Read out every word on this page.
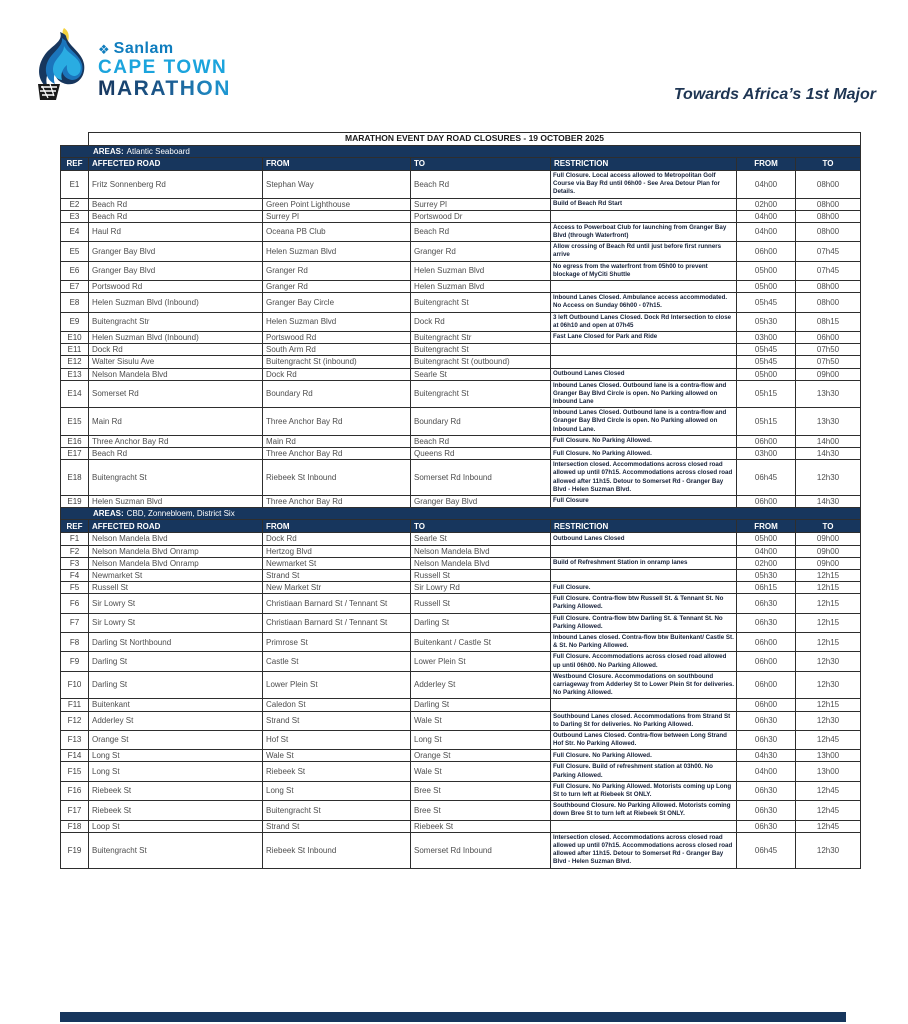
❖ Sanlam
CAPE TOWN
MARATHON	Towards Africa’s 1st Major
	MARATHON EVENT DAY ROAD CLOSURES - 19 OCTOBER 2025					
AREAS: Atlantic Seaboard						
REF	AFFECTED ROAD	FROM	TO	RESTRICTION	FROM	TO
E1	Fritz Sonnenberg Rd	Stephan Way	Beach Rd	Full Closure. Local access allowed to Metropolitan Golf Course via Bay Rd until 06h00 - See Area Detour Plan for Details.	04h00	08h00
E2	Beach Rd	Green Point Lighthouse	Surrey Pl	Build of Beach Rd Start	02h00	08h00
E3	Beach Rd	Surrey Pl	Portswood Dr		04h00	08h00
E4	Haul Rd	Oceana PB Club	Beach Rd	Access to Powerboat Club for launching from Granger Bay Blvd (through Waterfront)	04h00	08h00
E5	Granger Bay Blvd	Helen Suzman Blvd	Granger Rd	Allow crossing of Beach Rd until just before first runners arrive	06h00	07h45
E6	Granger Bay Blvd	Granger Rd	Helen Suzman Blvd	No egress from the waterfront from 05h00 to prevent blockage of MyCiti Shuttle	05h00	07h45
E7	Portswood Rd	Granger Rd	Helen Suzman Blvd		05h00	08h00
E8	Helen Suzman Blvd (Inbound)	Granger Bay Circle	Buitengracht St	Inbound Lanes Closed. Ambulance access accommodated. No Access on Sunday 06h00 - 07h15.	05h45	08h00
E9	Buitengracht Str	Helen Suzman Blvd	Dock Rd	3 left Outbound Lanes Closed. Dock Rd Intersection to close at 06h10 and open at 07h45	05h30	08h15
E10	Helen Suzman Blvd (Inbound)	Portswood Rd	Buitengracht Str	Fast Lane Closed for Park and Ride	03h00	06h00
E11	Dock Rd	South Arm Rd	Buitengracht St		05h45	07h50
E12	Walter Sisulu Ave	Buitengracht St (inbound)	Buitengracht St (outbound)		05h45	07h50
E13	Nelson Mandela Blvd	Dock Rd	Searle St	Outbound Lanes Closed	05h00	09h00
E14	Somerset Rd	Boundary Rd	Buitengracht St	Inbound Lanes Closed. Outbound lane is a contra-flow and Granger Bay Blvd Circle is open. No Parking allowed on Inbound Lane	05h15	13h30
E15	Main Rd	Three Anchor Bay Rd	Boundary Rd	Inbound Lanes Closed. Outbound lane is a contra-flow and Granger Bay Blvd Circle is open. No Parking allowed on Inbound Lane.	05h15	13h30
E16	Three Anchor Bay Rd	Main Rd	Beach Rd	Full Closure. No Parking Allowed.	06h00	14h00
E17	Beach Rd	Three Anchor Bay Rd	Queens Rd	Full Closure. No Parking Allowed.	03h00	14h30
E18	Buitengracht St	Riebeek St Inbound	Somerset Rd Inbound	Intersection closed. Accommodations across closed road allowed up until 07h15. Accommodations across closed road allowed after 11h15. Detour to Somerset Rd - Granger Bay Blvd - Helen Suzman Blvd.	06h45	12h30
E19	Helen Suzman Blvd	Three Anchor Bay Rd	Granger Bay Blvd	Full Closure	06h00	14h30
AREAS: CBD, Zonnebloem, District Six						
REF	AFFECTED ROAD	FROM	TO	RESTRICTION	FROM	TO
F1	Nelson Mandela Blvd	Dock Rd	Searle St	Outbound Lanes Closed	05h00	09h00
F2	Nelson Mandela Blvd Onramp	Hertzog Blvd	Nelson Mandela Blvd		04h00	09h00
F3	Nelson Mandela Blvd Onramp	Newmarket St	Nelson Mandela Blvd	Build of Refreshment Station in onramp lanes	02h00	09h00
F4	Newmarket St	Strand St	Russell St		05h30	12h15
F5	Russell St	New Market Str	Sir Lowry Rd	Full Closure.	06h15	12h15
F6	Sir Lowry St	Christiaan Barnard St / Tennant St	Russell St	Full Closure. Contra-flow btw Russell St. & Tennant St. No Parking Allowed.	06h30	12h15
F7	Sir Lowry St	Christiaan Barnard St / Tennant St	Darling St	Full Closure. Contra-flow btw Darling St. & Tennant St. No Parking Allowed.	06h30	12h15
F8	Darling St Northbound	Primrose St	Buitenkant / Castle St	Inbound Lanes closed. Contra-flow btw Buitenkant/ Castle St. & St. No Parking Allowed.	06h00	12h15
F9	Darling St	Castle St	Lower Plein St	Full Closure. Accommodations across closed road allowed up until 06h00. No Parking Allowed.	06h00	12h30
F10	Darling St	Lower Plein St	Adderley St	Westbound Closure. Accommodations on southbound carriageway from Adderley St to Lower Plein St for deliveries. No Parking Allowed.	06h00	12h30
F11	Buitenkant	Caledon St	Darling St		06h00	12h15
F12	Adderley St	Strand St	Wale St	Southbound Lanes closed. Accommodations from Strand St to Darling St for deliveries. No Parking Allowed.	06h30	12h30
F13	Orange St	Hof St	Long St	Outbound Lanes Closed. Contra-flow between Long Strand Hof Str. No Parking Allowed.	06h30	12h45
F14	Long St	Wale St	Orange St	Full Closure. No Parking Allowed.	04h30	13h00
F15	Long St	Riebeek St	Wale St	Full Closure. Build of refreshment station at 03h00. No Parking Allowed.	04h00	13h00
F16	Riebeek St	Long St	Bree St	Full Closure. No Parking Allowed. Motorists coming up Long St to turn left at Riebeek St ONLY.	06h30	12h45
F17	Riebeek St	Buitengracht St	Bree St	Southbound Closure. No Parking Allowed. Motorists coming down Bree St to turn left at Riebeek St ONLY.	06h30	12h45
F18	Loop St	Strand St	Riebeek St		06h30	12h45
F19	Buitengracht St	Riebeek St Inbound	Somerset Rd Inbound	Intersection closed. Accommodations across closed road allowed up until 07h15. Accommodations across closed road allowed after 11h15. Detour to Somerset Rd - Granger Bay Blvd - Helen Suzman Blvd.	06h45	12h30
